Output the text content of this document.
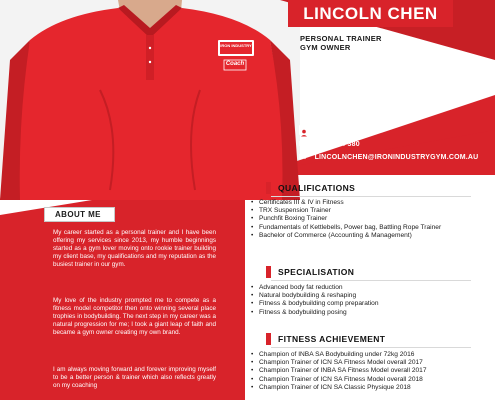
IRON INDUSTRY
Coach
LINCOLN CHEN
PERSONAL TRAINER
GYM OWNER
CONTACT ME
P: 0421 954 380
E: LINCOLNCHEN@IRONINDUSTRYGYM.COM.AU
ABOUT ME
My career started as a personal trainer and I have been offering my services since 2013, my humble beginnings started as a gym lover moving onto rookie trainer building my client base, my qualifications and my reputation as the busiest trainer in our gym.
My love of the industry prompted me to compete as a fitness model competitor then onto winning several place trophies in bodybuilding. The next step in my career was a natural progression for me; I took a giant leap of faith and became a gym owner creating my own brand.
I am always moving forward and forever improving myself to be a better person & trainer which also reflects greatly on my coaching
QUALIFICATIONS
• Certificates III & IV in Fitness
• TRX Suspension Trainer
• Punchfit Boxing Trainer
• Fundamentals of Kettlebells, Power bag, Battling Rope Trainer
• Bachelor of Commerce (Accounting & Management)
SPECIALISATION
• Advanced body fat reduction
• Natural bodybuilding & reshaping
• Fitness & bodybuilding comp preparation
• Fitness & bodybuilding posing
FITNESS ACHIEVEMENT
• Champion of INBA SA Bodybuilding under 72kg 2016
• Champion Trainer of ICN SA Fitness Model overall 2017
• Champion Trainer of INBA SA Fitness Model overall 2017
• Champion Trainer of ICN SA Fitness Model overall 2018
• Champion Trainer of ICN SA Classic Physique 2018
